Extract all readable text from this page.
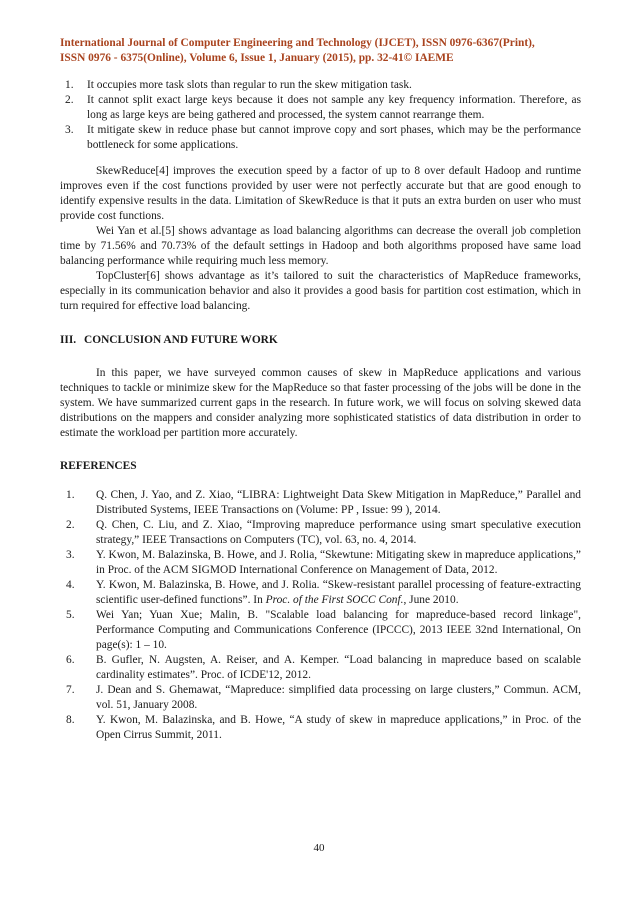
International Journal of Computer Engineering and Technology (IJCET), ISSN 0976-6367(Print),
ISSN 0976 - 6375(Online), Volume 6, Issue 1, January (2015), pp. 32-41© IAEME
1. It occupies more task slots than regular to run the skew mitigation task.
2. It cannot split exact large keys because it does not sample any key frequency information. Therefore, as long as large keys are being gathered and processed, the system cannot rearrange them.
3. It mitigate skew in reduce phase but cannot improve copy and sort phases, which may be the performance bottleneck for some applications.

SkewReduce[4] improves the execution speed by a factor of up to 8 over default Hadoop and runtime improves even if the cost functions provided by user were not perfectly accurate but that are good enough to identify expensive results in the data. Limitation of SkewReduce is that it puts an extra burden on user who must provide cost functions.

Wei Yan et al.[5] shows advantage as load balancing algorithms can decrease the overall job completion time by 71.56% and 70.73% of the default settings in Hadoop and both algorithms proposed have same load balancing performance while requiring much less memory.

TopCluster[6] shows advantage as it’s tailored to suit the characteristics of MapReduce frameworks, especially in its communication behavior and also it provides a good basis for partition cost estimation, which in turn required for effective load balancing.

III. CONCLUSION AND FUTURE WORK

In this paper, we have surveyed common causes of skew in MapReduce applications and various techniques to tackle or minimize skew for the MapReduce so that faster processing of the jobs will be done in the system. We have summarized current gaps in the research. In future work, we will focus on solving skewed data distributions on the mappers and consider analyzing more sophisticated statistics of data distribution in order to estimate the workload per partition more accurately.

REFERENCES
1. Q. Chen, J. Yao, and Z. Xiao, “LIBRA: Lightweight Data Skew Mitigation in MapReduce,” Parallel and Distributed Systems, IEEE Transactions on (Volume: PP , Issue: 99 ), 2014.
2. Q. Chen, C. Liu, and Z. Xiao, “Improving mapreduce performance using smart speculative execution strategy,” IEEE Transactions on Computers (TC), vol. 63, no. 4, 2014.
3. Y. Kwon, M. Balazinska, B. Howe, and J. Rolia, “Skewtune: Mitigating skew in mapreduce applications,” in Proc. of the ACM SIGMOD International Conference on Management of Data, 2012.
4. Y. Kwon, M. Balazinska, B. Howe, and J. Rolia. “Skew-resistant parallel processing of feature-extracting scientific user-defined functions”. In Proc. of the First SOCC Conf., June 2010.
5. Wei Yan; Yuan Xue; Malin, B. "Scalable load balancing for mapreduce-based record linkage", Performance Computing and Communications Conference (IPCCC), 2013 IEEE 32nd International, On page(s): 1 – 10.
6. B. Gufler, N. Augsten, A. Reiser, and A. Kemper. “Load balancing in mapreduce based on scalable cardinality estimates”. Proc. of ICDE'12, 2012.
7. J. Dean and S. Ghemawat, “Mapreduce: simplified data processing on large clusters,” Commun. ACM, vol. 51, January 2008.
8. Y. Kwon, M. Balazinska, and B. Howe, “A study of skew in mapreduce applications,” in Proc. of the Open Cirrus Summit, 2011.
40
